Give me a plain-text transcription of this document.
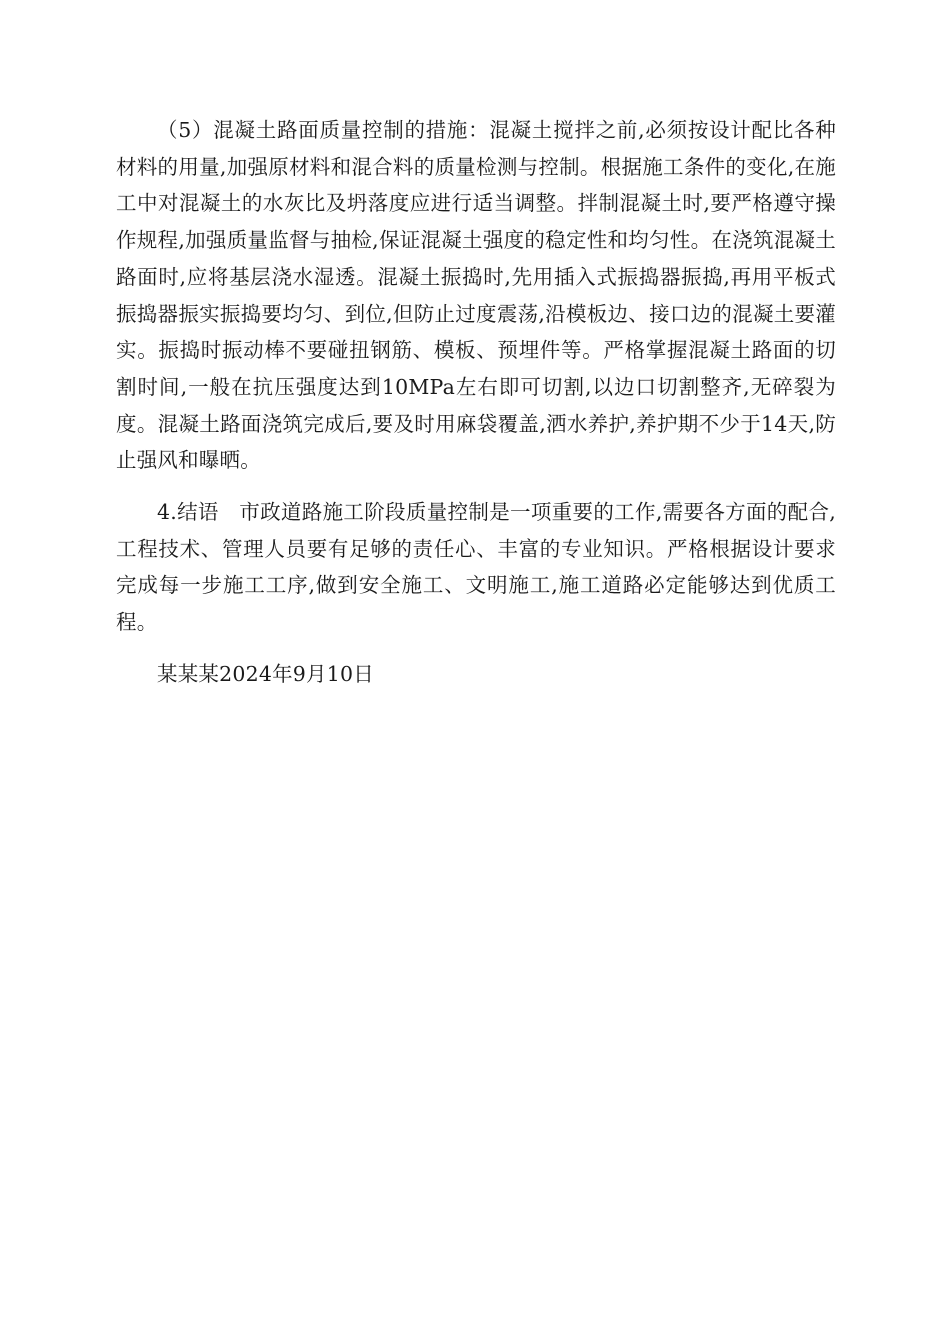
（5）混凝土路面质量控制的措施：混凝土搅拌之前,必须按设计配比各种材料的用量,加强原材料和混合料的质量检测与控制。根据施工条件的变化,在施工中对混凝土的水灰比及坍落度应进行适当调整。拌制混凝土时,要严格遵守操作规程,加强质量监督与抽检,保证混凝土强度的稳定性和均匀性。在浇筑混凝土路面时,应将基层浇水湿透。混凝土振捣时,先用插入式振捣器振捣,再用平板式振捣器振实振捣要均匀、到位,但防止过度震荡,沿模板边、接口边的混凝土要灌实。振捣时振动棒不要碰扭钢筋、模板、预埋件等。严格掌握混凝土路面的切割时间,一般在抗压强度达到10MPa左右即可切割,以边口切割整齐,无碎裂为度。混凝土路面浇筑完成后,要及时用麻袋覆盖,洒水养护,养护期不少于14天,防止强风和曝晒。

4.结语 市政道路施工阶段质量控制是一项重要的工作,需要各方面的配合,工程技术、管理人员要有足够的责任心、丰富的专业知识。严格根据设计要求完成每一步施工工序,做到安全施工、文明施工,施工道路必定能够达到优质工程。

某某某2024年9月10日
